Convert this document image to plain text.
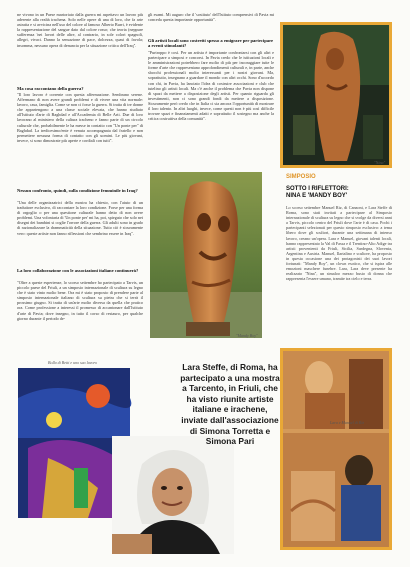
ne vivono in un Paese martoriato dalla guerra mi aspettavo un lavoro più aderente alla realtà irachena. Solo nelle opere di una di loro, che fa arte astratta e si avvicina nell'uso del colore al famoso Alberto Burri, è evidente la rappresentazione del sangue dato dal colore rosso; che teoria (neppure sufferenza 'nei lavori delle altre, al contrario, in sole colori spagnoli, allegri, vivaci. Danno la sensazione di pace, dolcezza, quasi di favola; insomma, nessuno opera di denuncia per la situazione critica dell'Iraq".
Ma cosa raccontano della guerra?
"Il loro lavoro è corrente con questa affermazione. Sembrano serene. Affermano di non avere grandi problemi e di vivere una vita normale: lavoro, casa, famiglia. Come se non ci fosse la guerra. Si tratta di tre donne che appartengono a una classe sociale elevata, che hanno studiato all'Istituto d'arte di Baghdad e all'Accademia di Belle Arti. Due di loro lavorano al ministero della cultura iracheno e fanno parte di un circolo culturale che, probabilmente le ha messe in contatto con "Un ponte per" di Baghdad. La tredicesimo/ente è venuta accompagnata dal fratello e non permettere nessuna forma di contatto con gli uomini. Le più giovani, invece, si sono dimostrate più aperte e cordiali con tutti".
Nessun confronto, quindi, sulla condizione femminile in Iraq?
"Una delle organizzatrici della mostra ha chiesto, con l'aiuto di un traduttore esclusivo, di raccontare la loro condizione. Forse per una forma di orgoglio o per una questione culturale hanno detto di non avere problemi. Una volontaria di 'Un ponte per' mi ha, poi, spiegato che solo nei disegni dei bambini si coglie l'orrore della guerra. Gli adulti sono in grado di razionalizzare la drammaticità della situazione. Tutto ciò è sicuramente vero: queste artiste non fanno riflessioni che sembrino essere in Iraq".
La loro collaborazione con le associazioni italiane continuerà?
"Oltre a queste esperienze, lo scorso settembre ho partecipato a Tarvis, un piccolo paese del Friuli, a un simposio internazionale di scultura su legno che è stato vinto molto bene. Ora mi è stato proposto di prendere parte al simposio internazionale italiano di scultura su pietra che si terrà il prossimo giugno. Si tratta di un'arte molto diversa da quella che pratico ora. Come professione a interessi il promesso di accantonare dall'Istituto d'arte di Pavia; dove insegno, in tutto il corso di restauro, per qualche giorno durante il periodo de-
gli esami. Mi auguro che il 'sostituto' dell'Istituto comprensivi di Pavia mi conceda questa importante opportunità".
Gli artisti locali sono costretti spesso a emigrare per partecipare a eventi stimolanti?
"Purtroppo è così. Per un artista è importante confrontarsi con gli altri e partecipare a simposi e concorsi. In Pavia credo che le istituzioni locali e le amministrazioni potrebbero fare molto di più per incoraggiare tutte le forme d'arte che rappresentano approfondimenti culturali e, in parte, anche sbocchi professionali molto interessanti per i nostri giovani. Ma, soprattutto, insegnano a guardare il mondo con altri occhi. Sono d'accordo con chi, in Pavia, ha lanciato l'idea di costruire associazioni e club che tutelino gli artisti locali. Ma c'è anche il problema che Pavia non dispone di spazi da mettere a disposizione degli artisti. Per quanto riguarda gli investimenti, non ci sono grandi fondi da mettere a disposizione. Sicuramente però credo che in Italia ci sia ancora l'opportunità di mostrare il loro talento. In altri luoghi, invece, come questi non è più così difficile trovare spazi e finanziamenti adatti e soprattutto il sostegno ma anche la critica costruttiva della comunità".
"Mandy Boy"
"Nina"
SIMPOSIO
SOTTO I RIFLETTORI:
NINA E 'MANDY BOY'
Lo scorso settembre Manuel Riz, di Canzoni, e Lara Steffe di Roma, sono stati invitati a partecipare al Simposio internazionale di scultura su legno che si svolge da diversi anni a Tarvis, piccolo centro del Friuli dove l'arte è di casa. Pochi i partecipanti selezionati per questo simposio esclusivo: a tema libero dove gli scultori, durante una settimana di intenso lavoro, creano un'opera. Lara e Manuel, giovani talenti locali, hanno rappresentato la Val di Fassa e il Trentino-Alto Adige tra artisti provenienti da Friuli, Sicilia, Sardegna, Slovenia, Argentina e Austria. Manuel, Ilartalino e scultore, ha proposto in questa occasione una dei protagonisti dei suoi lavori fortunati: "Mandy Boy", un clown esotico, che si ispira alle emozioni maschere funebre. Lara, Lara deve presente ha realizzato "Nina", un simaloo mezzo busto di donna che rappresenta l'essere umano, tramite tra cielo e terra.
Lara e Manuel di Riz
Bolla di Betti e uno suo lavoro	Lara Steffe, di Roma, ha partecipato a una mostra a Tarcento, in Friuli, che ha visto riunite artiste italiane e irachene, inviate dall'associazione di Simona Torretta e Simona Pari
